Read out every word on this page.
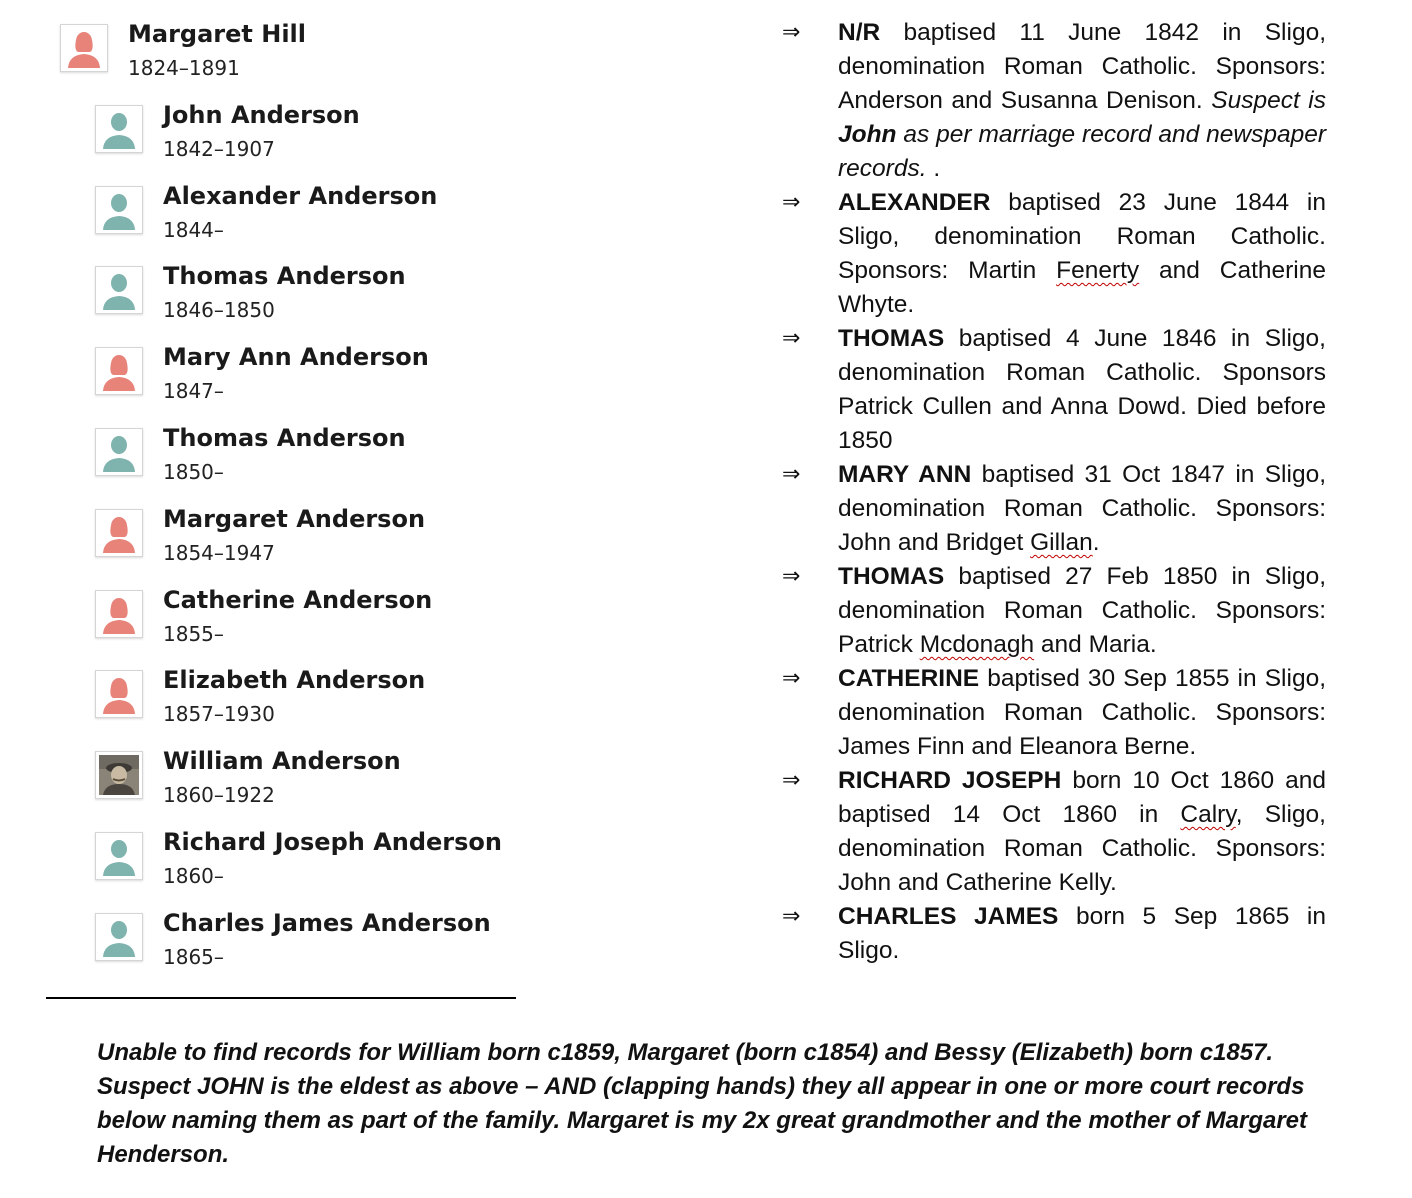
Margaret Hill
1824–1891
John Anderson
1842–1907
Alexander Anderson
1844–
Thomas Anderson
1846–1850
Mary Ann Anderson
1847–
Thomas Anderson
1850–
Margaret Anderson
1854–1947
Catherine Anderson
1855–
Elizabeth Anderson
1857–1930
William Anderson
1860–1922
Richard Joseph Anderson
1860–
Charles James Anderson
1865–
⇒ N/R baptised 11 June 1842 in Sligo, denomination Roman Catholic. Sponsors: Anderson and Susanna Denison. Suspect is John as per marriage record and newspaper records. .
⇒ ALEXANDER baptised 23 June 1844 in Sligo, denomination Roman Catholic. Sponsors: Martin Fenerty and Catherine Whyte.
⇒ THOMAS baptised 4 June 1846 in Sligo, denomination Roman Catholic. Sponsors Patrick Cullen and Anna Dowd. Died before 1850
⇒ MARY ANN baptised 31 Oct 1847 in Sligo, denomination Roman Catholic. Sponsors: John and Bridget Gillan.
⇒ THOMAS baptised 27 Feb 1850 in Sligo, denomination Roman Catholic. Sponsors: Patrick Mcdonagh and Maria.
⇒ CATHERINE baptised 30 Sep 1855 in Sligo, denomination Roman Catholic. Sponsors: James Finn and Eleanora Berne.
⇒ RICHARD JOSEPH born 10 Oct 1860 and baptised 14 Oct 1860 in Calry, Sligo, denomination Roman Catholic. Sponsors: John and Catherine Kelly.
⇒ CHARLES JAMES born 5 Sep 1865 in Sligo.
Unable to find records for William born c1859, Margaret (born c1854) and Bessy (Elizabeth) born c1857. Suspect JOHN is the eldest as above – AND (clapping hands) they all appear in one or more court records below naming them as part of the family. Margaret is my 2x great grandmother and the mother of Margaret Henderson.
